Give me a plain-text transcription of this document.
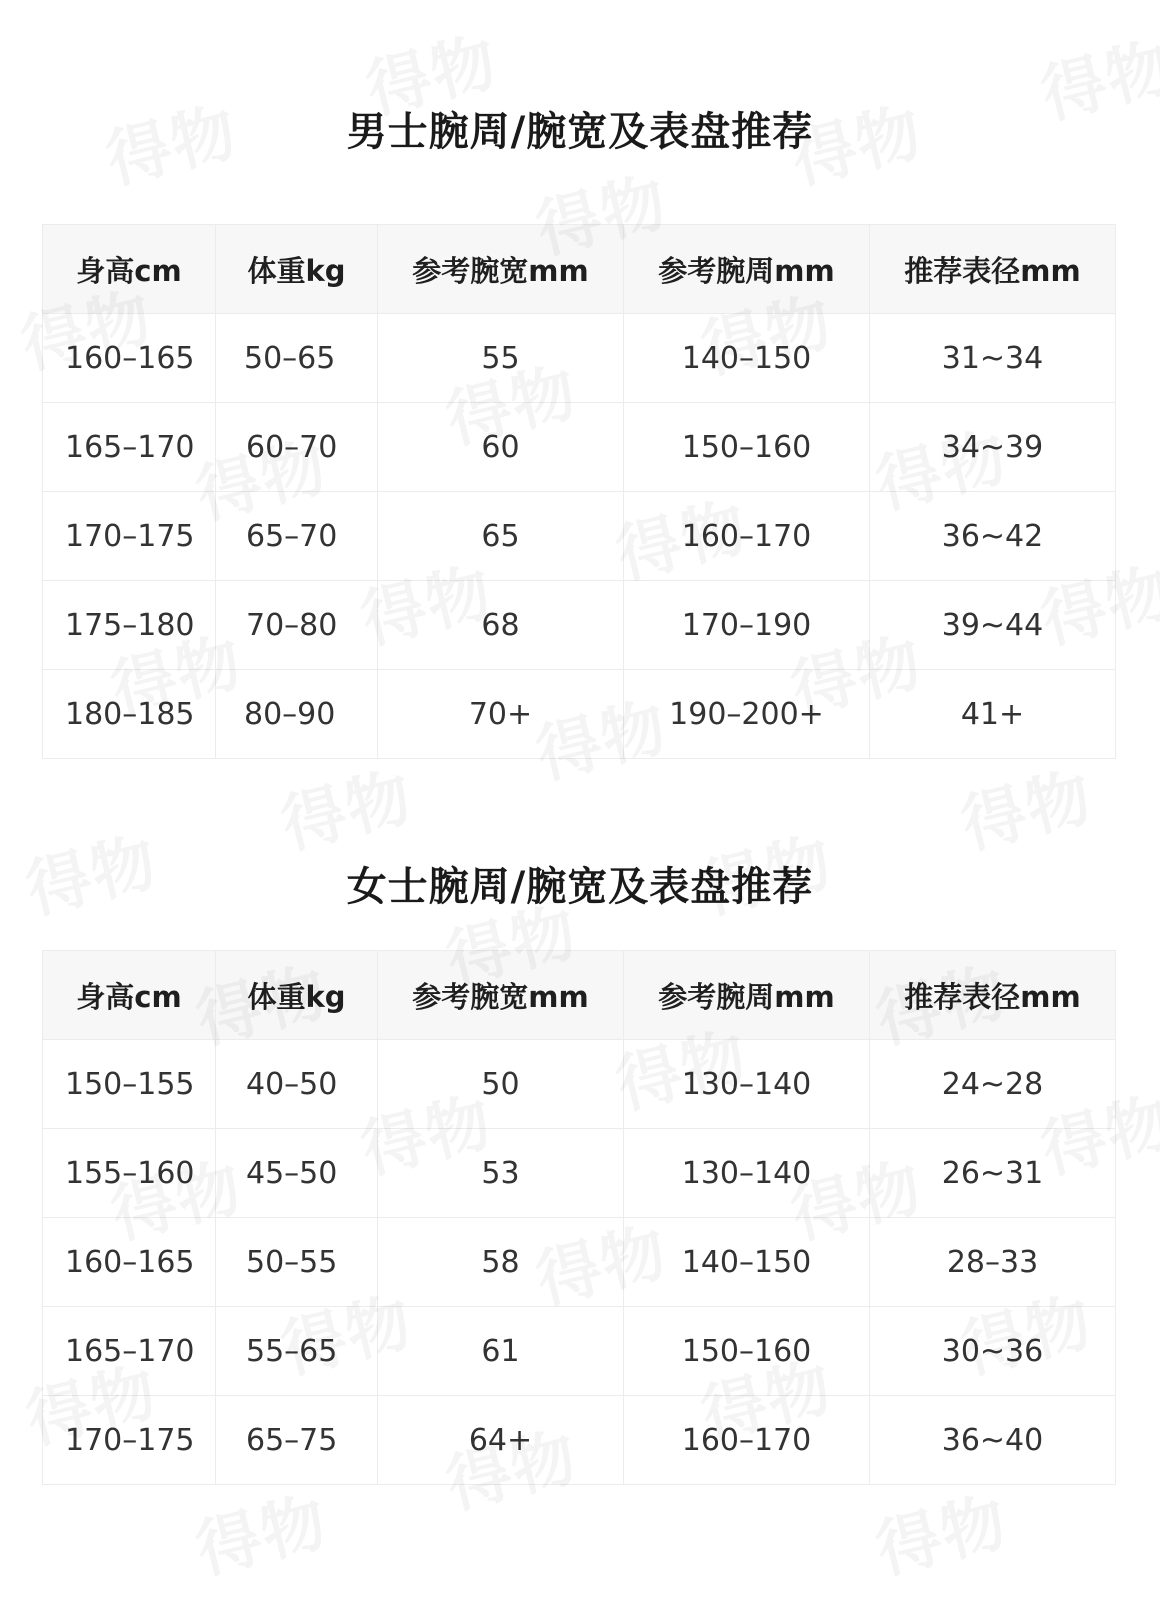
男士腕周/腕宽及表盘推荐
身高cm	体重kg	参考腕宽mm	参考腕周mm	推荐表径mm
160–165	50–65	55	140–150	31~34
165–170	60–70	60	150–160	34~39
170–175	65–70	65	160–170	36~42
175–180	70–80	68	170–190	39~44
180–185	80–90	70+	190–200+	41+
女士腕周/腕宽及表盘推荐
身高cm	体重kg	参考腕宽mm	参考腕周mm	推荐表径mm
150–155	40–50	50	130–140	24~28
155–160	45–50	53	130–140	26~31
160–165	50–55	58	140–150	28–33
165–170	55–65	61	150–160	30~36
170–175	65–75	64+	160–170	36~40
